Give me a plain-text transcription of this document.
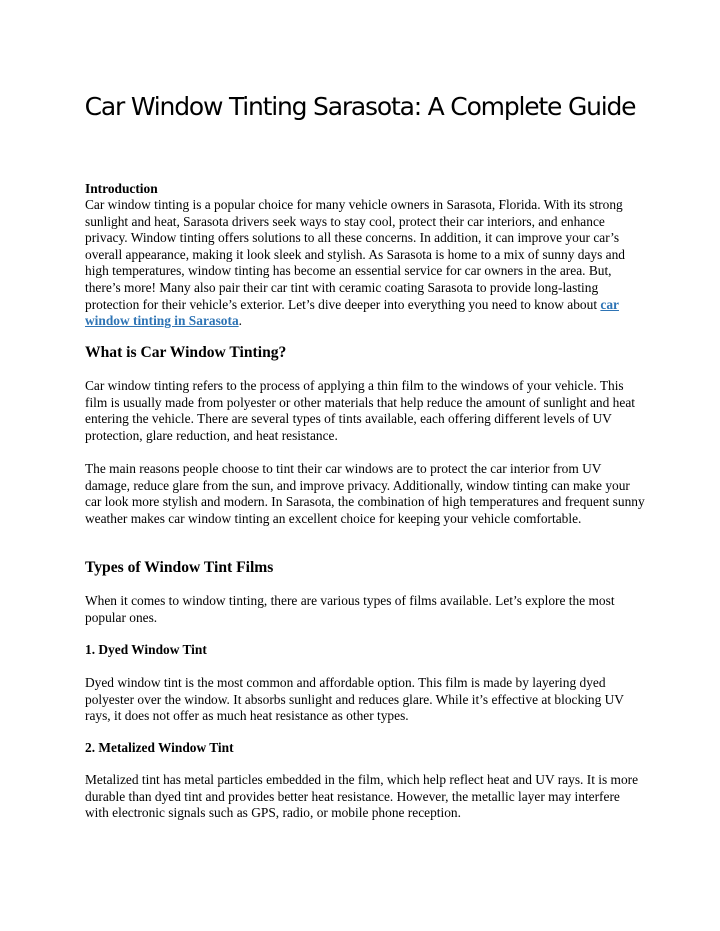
Car Window Tinting Sarasota: A Complete Guide

Introduction

Car window tinting is a popular choice for many vehicle owners in Sarasota, Florida. With its strong sunlight and heat, Sarasota drivers seek ways to stay cool, protect their car interiors, and enhance privacy. Window tinting offers solutions to all these concerns. In addition, it can improve your car’s overall appearance, making it look sleek and stylish. As Sarasota is home to a mix of sunny days and high temperatures, window tinting has become an essential service for car owners in the area. But, there’s more! Many also pair their car tint with ceramic coating Sarasota to provide long-lasting protection for their vehicle’s exterior. Let’s dive deeper into everything you need to know about car window tinting in Sarasota.

What is Car Window Tinting?

Car window tinting refers to the process of applying a thin film to the windows of your vehicle. This film is usually made from polyester or other materials that help reduce the amount of sunlight and heat entering the vehicle. There are several types of tints available, each offering different levels of UV protection, glare reduction, and heat resistance.

The main reasons people choose to tint their car windows are to protect the car interior from UV damage, reduce glare from the sun, and improve privacy. Additionally, window tinting can make your car look more stylish and modern. In Sarasota, the combination of high temperatures and frequent sunny weather makes car window tinting an excellent choice for keeping your vehicle comfortable.

Types of Window Tint Films

When it comes to window tinting, there are various types of films available. Let’s explore the most popular ones.

1. Dyed Window Tint

Dyed window tint is the most common and affordable option. This film is made by layering dyed polyester over the window. It absorbs sunlight and reduces glare. While it’s effective at blocking UV rays, it does not offer as much heat resistance as other types.

2. Metalized Window Tint

Metalized tint has metal particles embedded in the film, which help reflect heat and UV rays. It is more durable than dyed tint and provides better heat resistance. However, the metallic layer may interfere with electronic signals such as GPS, radio, or mobile phone reception.
